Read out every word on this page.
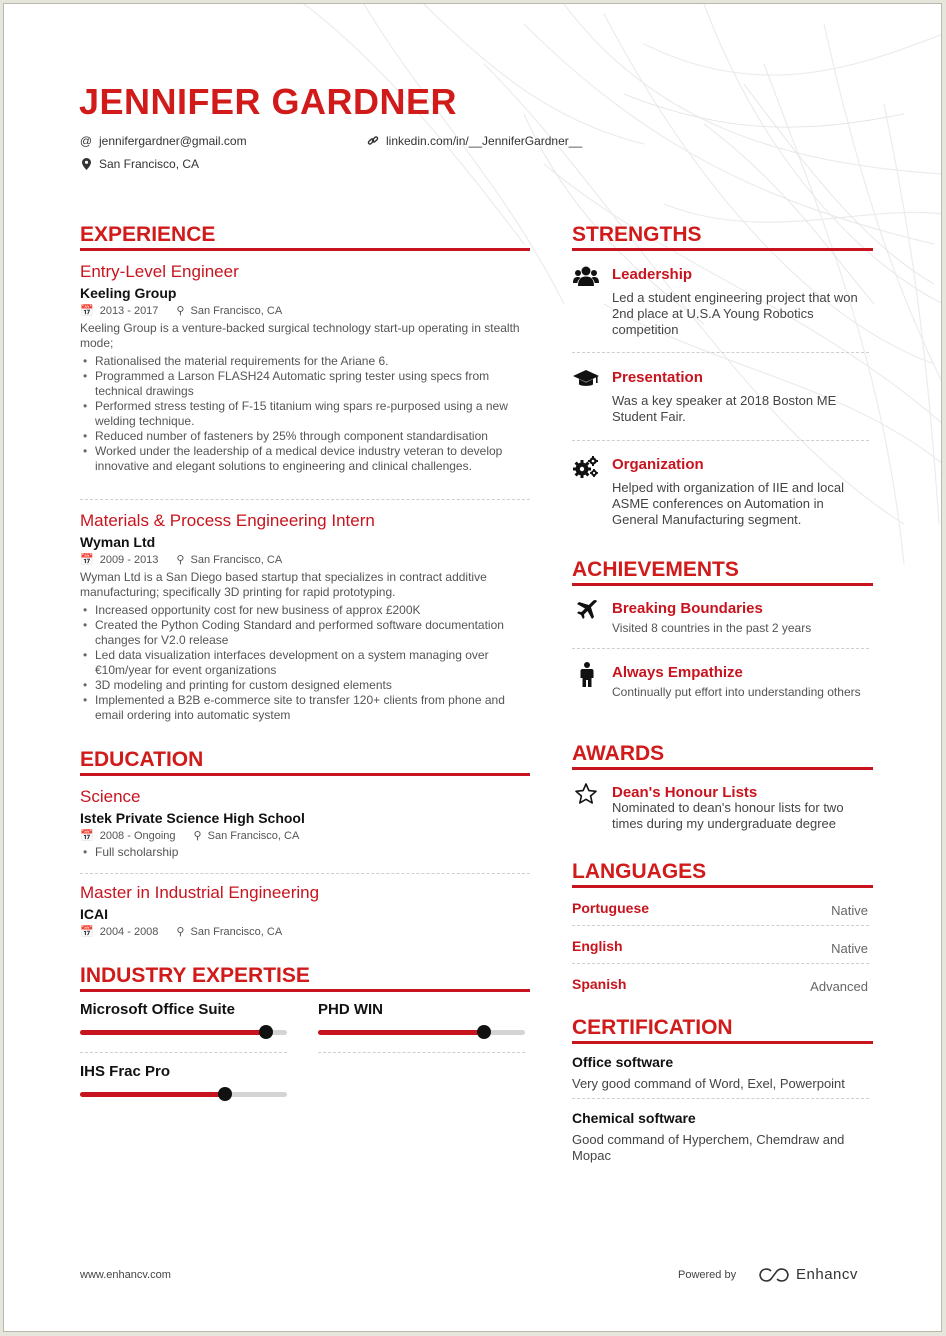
JENNIFER GARDNER
@ jennifergardner@gmail.com	linkedin.com/in/__JenniferGardner__
San Francisco, CA
EXPERIENCE
Entry-Level Engineer
Keeling Group
📅 2013 - 2017 ⚲ San Francisco, CA
Keeling Group is a venture-backed surgical technology start-up operating in stealth mode;
• Rationalised the material requirements for the Ariane 6.
• Programmed a Larson FLASH24 Automatic spring tester using specs from technical drawings
• Performed stress testing of F-15 titanium wing spars re-purposed using a new welding technique.
• Reduced number of fasteners by 25% through component standardisation
• Worked under the leadership of a medical device industry veteran to develop innovative and elegant solutions to engineering and clinical challenges.
Materials & Process Engineering Intern
Wyman Ltd
📅 2009 - 2013 ⚲ San Francisco, CA
Wyman Ltd is a San Diego based startup that specializes in contract additive manufacturing; specifically 3D printing for rapid prototyping.
• Increased opportunity cost for new business of approx £200K
• Created the Python Coding Standard and performed software documentation changes for V2.0 release
• Led data visualization interfaces development on a system managing over €10m/year for event organizations
• 3D modeling and printing for custom designed elements
• Implemented a B2B e-commerce site to transfer 120+ clients from phone and email ordering into automatic system
EDUCATION
Science
Istek Private Science High School
📅 2008 - Ongoing ⚲ San Francisco, CA
• Full scholarship
Master in Industrial Engineering
ICAI
📅 2004 - 2008 ⚲ San Francisco, CA
INDUSTRY EXPERTISE
Microsoft Office Suite	PHD WIN
IHS Frac Pro
STRENGTHS
Leadership
Led a student engineering project that won 2nd place at U.S.A Young Robotics competition
Presentation
Was a key speaker at 2018 Boston ME Student Fair.
Organization
Helped with organization of IIE and local ASME conferences on Automation in General Manufacturing segment.
ACHIEVEMENTS
Breaking Boundaries
Visited 8 countries in the past 2 years
Always Empathize
Continually put effort into understanding others
AWARDS
Dean's Honour Lists
Nominated to dean's honour lists for two times during my undergraduate degree
LANGUAGES
Portuguese	Native
English	Native
Spanish	Advanced
CERTIFICATION
Office software
Very good command of Word, Exel, Powerpoint
Chemical software
Good command of Hyperchem, Chemdraw and Mopac
www.enhancv.com	Powered by	Enhancv
